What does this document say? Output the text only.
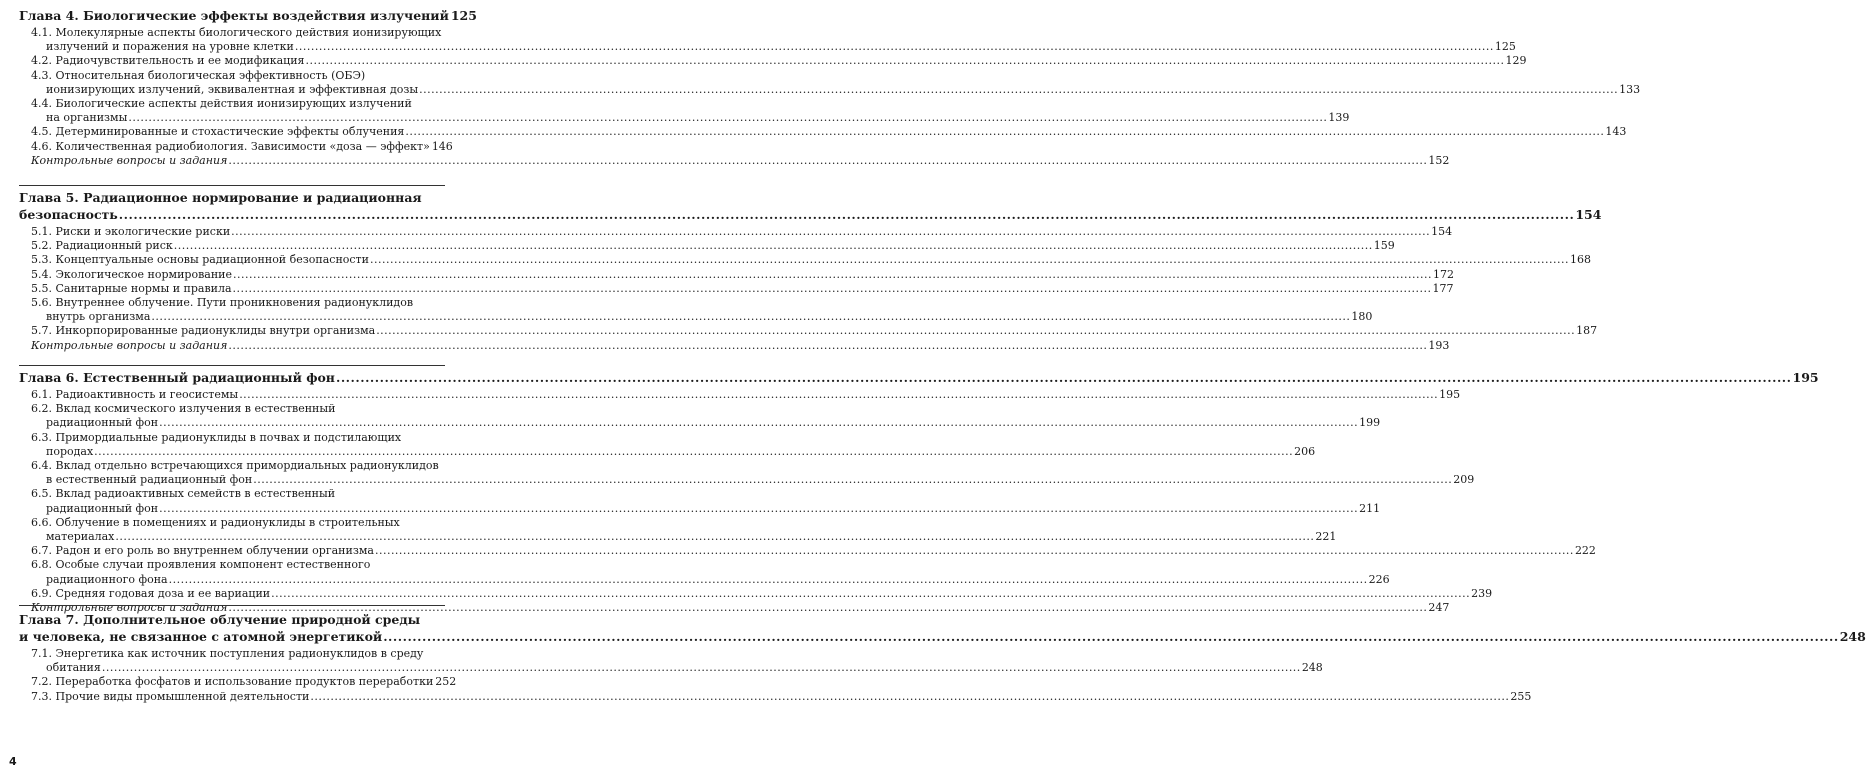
Глава 4. Биологические эффекты воздействия излучений 125
4.1. Молекулярные аспекты биологического действия ионизирующих
излучений и поражения на уровне клетки ............................................................................................................................................................................................................................................................................................................ 125
4.2. Радиочувствительность и ее модификация ............................................................................................................................................................................................................................................................................................................ 129
4.3. Относительная биологическая эффективность (ОБЭ)
ионизирующих излучений, эквивалентная и эффективная дозы ............................................................................................................................................................................................................................................................................................................ 133
4.4. Биологические аспекты действия ионизирующих излучений
на организмы ............................................................................................................................................................................................................................................................................................................ 139
4.5. Детерминированные и стохастические эффекты облучения ............................................................................................................................................................................................................................................................................................................ 143
4.6. Количественная радиобиология. Зависимости «доза — эффект» 146
Контрольные вопросы и задания ............................................................................................................................................................................................................................................................................................................ 152
Глава 5. Радиационное нормирование и радиационная
безопасность ............................................................................................................................................................................................................................................................................................................ 154
5.1. Риски и экологические риски ............................................................................................................................................................................................................................................................................................................ 154
5.2. Радиационный риск ............................................................................................................................................................................................................................................................................................................ 159
5.3. Концептуальные основы радиационной безопасности ............................................................................................................................................................................................................................................................................................................ 168
5.4. Экологическое нормирование ............................................................................................................................................................................................................................................................................................................ 172
5.5. Санитарные нормы и правила ............................................................................................................................................................................................................................................................................................................ 177
5.6. Внутреннее облучение. Пути проникновения радионуклидов
внутрь организма ............................................................................................................................................................................................................................................................................................................ 180
5.7. Инкорпорированные радионуклиды внутри организма ............................................................................................................................................................................................................................................................................................................ 187
Контрольные вопросы и задания ............................................................................................................................................................................................................................................................................................................ 193
Глава 6. Естественный радиационный фон ............................................................................................................................................................................................................................................................................................................ 195
6.1. Радиоактивность и геосистемы ............................................................................................................................................................................................................................................................................................................ 195
6.2. Вклад космического излучения в естественный
радиационный фон ............................................................................................................................................................................................................................................................................................................ 199
6.3. Примордиальные радионуклиды в почвах и подстилающих
породах ............................................................................................................................................................................................................................................................................................................ 206
6.4. Вклад отдельно встречающихся примордиальных радионуклидов
в естественный радиационный фон ............................................................................................................................................................................................................................................................................................................ 209
6.5. Вклад радиоактивных семейств в естественный
радиационный фон ............................................................................................................................................................................................................................................................................................................ 211
6.6. Облучение в помещениях и радионуклиды в строительных
материалах ............................................................................................................................................................................................................................................................................................................ 221
6.7. Радон и его роль во внутреннем облучении организма ............................................................................................................................................................................................................................................................................................................ 222
6.8. Особые случаи проявления компонент естественного
радиационного фона ............................................................................................................................................................................................................................................................................................................ 226
6.9. Средняя годовая доза и ее вариации ............................................................................................................................................................................................................................................................................................................ 239
Контрольные вопросы и задания ............................................................................................................................................................................................................................................................................................................ 247
Глава 7. Дополнительное облучение природной среды
и человека, не связанное с атомной энергетикой ............................................................................................................................................................................................................................................................................................................ 248
7.1. Энергетика как источник поступления радионуклидов в среду
обитания ............................................................................................................................................................................................................................................................................................................ 248
7.2. Переработка фосфатов и использование продуктов переработки 252
7.3. Прочие виды промышленной деятельности ............................................................................................................................................................................................................................................................................................................ 255
4
